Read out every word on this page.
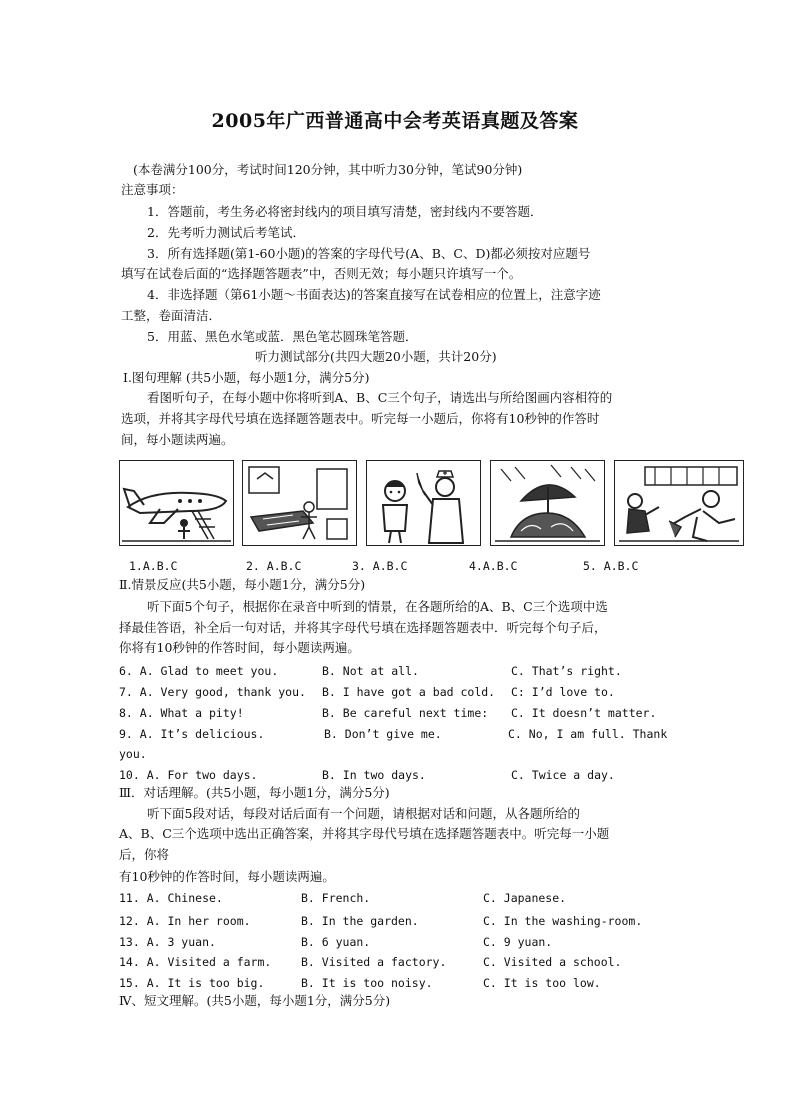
2005年广西普通高中会考英语真题及答案
(本卷满分100分，考试时间120分钟，其中听力30分钟，笔试90分钟)
注意事项：
1．答题前，考生务必将密封线内的项目填写清楚，密封线内不要答题．
2．先考听力测试后考笔试．
3．所有选择题(第1-60小题)的答案的字母代号(A、B、C、D)都必须按对应题号
填写在试卷后面的“选择题答题表”中，否则无效；每小题只许填写一个。
4．非选择题（第61小题～书面表达)的答案直接写在试卷相应的位置上，注意字迹
工整，卷面清洁．
5．用蓝、黑色水笔或蓝．黑色笔芯圆珠笔答题．
听力测试部分(共四大题20小题，共计20分)
I.图句理解 (共5小题，每小题1分，满分5分)
看图听句子，在每小题中你将听到A、B、C三个句子，请选出与所给图画内容相符的
选项，并将其字母代号填在选择题答题表中。听完每一小题后，你将有10秒钟的作答时
间，每小题读两遍。
1.A.B.C	2. A.B.C	3. A.B.C	4.A.B.C	5. A.B.C
Ⅱ.情景反应(共5小题，每小题1分，满分5分)
听下面5个句子，根据你在录音中听到的情景，在各题所给的A、B、C三个选项中选
择最佳答语，补全后一句对话，并将其字母代号填在选择题答题表中．听完每个句子后，
你将有10秒钟的作答时间，每小题读两遍。
6. A. Glad to meet you.	B. Not at all.	C. That’s right.
7. A. Very good, thank you. B. I have got a bad cold. C: I’d love to.
8. A. What a pity!	B. Be careful next time: C. It doesn’t matter.
9. A. It’s delicious.	B. Don’t give me.	C. No, I am full. Thank
you.
10. A. For two days.	B. In two days.	C. Twice a day.
Ⅲ．对话理解。(共5小题，每小题1分，满分5分)
听下面5段对话，每段对话后面有一个问题，请根据对话和问题，从各题所给的
A、B、C三个选项中选出正确答案，并将其字母代号填在选择题答题表中。听完每一小题
后，你将
有10秒钟的作答时间，每小题读两遍。
11. A. Chinese.	B. French.	C. Japanese.
12. A. In her room.	B. In the garden.	C. In the washing-room.
13. A. 3 yuan.	B. 6 yuan.	C. 9 yuan.
14. A. Visited a farm.	B. Visited a factory.	C. Visited a school.
15. A. It is too big.	B. It is too noisy.	C. It is too low.
Ⅳ、短文理解。(共5小题，每小题1分，满分5分)
